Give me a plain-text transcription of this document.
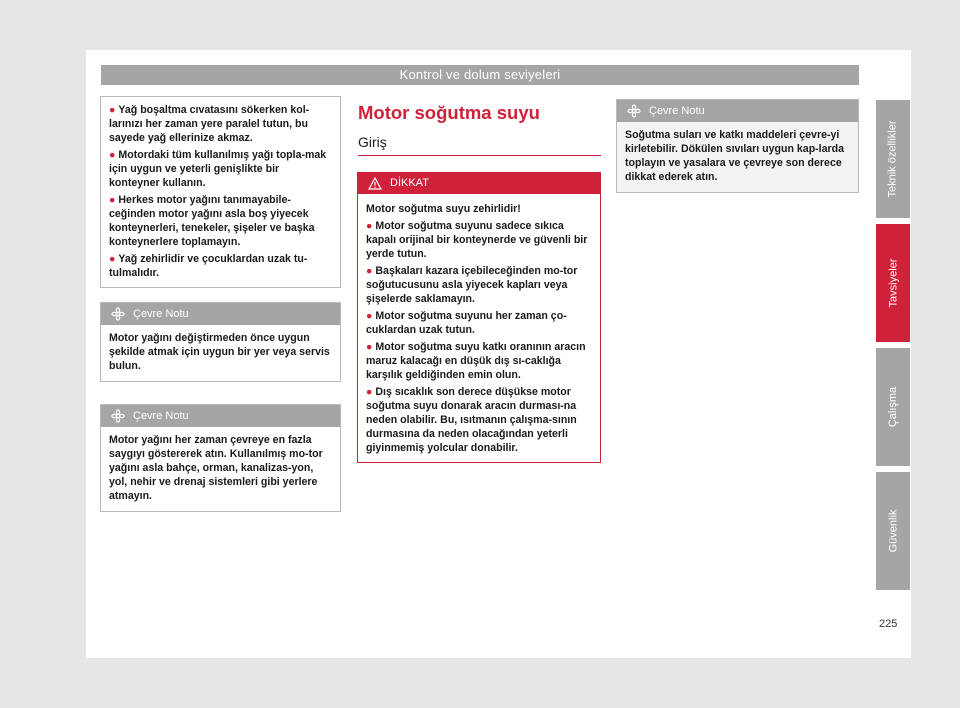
Kontrol ve dolum seviyeleri
● Yağ boşaltma cıvatasını sökerken kol-larınızı her zaman yere paralel tutun, bu sayede yağ ellerinize akmaz.
● Motordaki tüm kullanılmış yağı topla-mak için uygun ve yeterli genişlikte bir konteyner kullanın.
● Herkes motor yağını tanımayabile-ceğinden motor yağını asla boş yiyecek konteynerleri, tenekeler, şişeler ve başka konteynerlere toplamayın.
● Yağ zehirlidir ve çocuklardan uzak tu-tulmalıdır.
Çevre Notu
Motor yağını değiştirmeden önce uygun şekilde atmak için uygun bir yer veya servis bulun.
Çevre Notu
Motor yağını her zaman çevreye en fazla saygıyı göstererek atın. Kullanılmış mo-tor yağını asla bahçe, orman, kanalizas-yon, yol, nehir ve drenaj sistemleri gibi yerlere atmayın.
Motor soğutma suyu
Giriş
DİKKAT
Motor soğutma suyu zehirlidir!
● Motor soğutma suyunu sadece sıkıca kapalı orijinal bir konteynerde ve güvenli bir yerde tutun.
● Başkaları kazara içebileceğinden mo-tor soğutucusunu asla yiyecek kapları veya şişelerde saklamayın.
● Motor soğutma suyunu her zaman ço-cuklardan uzak tutun.
● Motor soğutma suyu katkı oranının aracın maruz kalacağı en düşük dış sı-caklığa karşılık geldiğinden emin olun.
● Dış sıcaklık son derece düşükse motor soğutma suyu donarak aracın durması-na neden olabilir. Bu, ısıtmanın çalışma-sının durmasına da neden olacağından yeterli giyinmemiş yolcular donabilir.
Çevre Notu
Soğutma suları ve katkı maddeleri çevre-yi kirletebilir. Dökülen sıvıları uygun kap-larda toplayın ve yasalara ve çevreye son derece dikkat ederek atın.	Teknik özellikler
Tavsiyeler
Çalışma
Güvenlik
225
